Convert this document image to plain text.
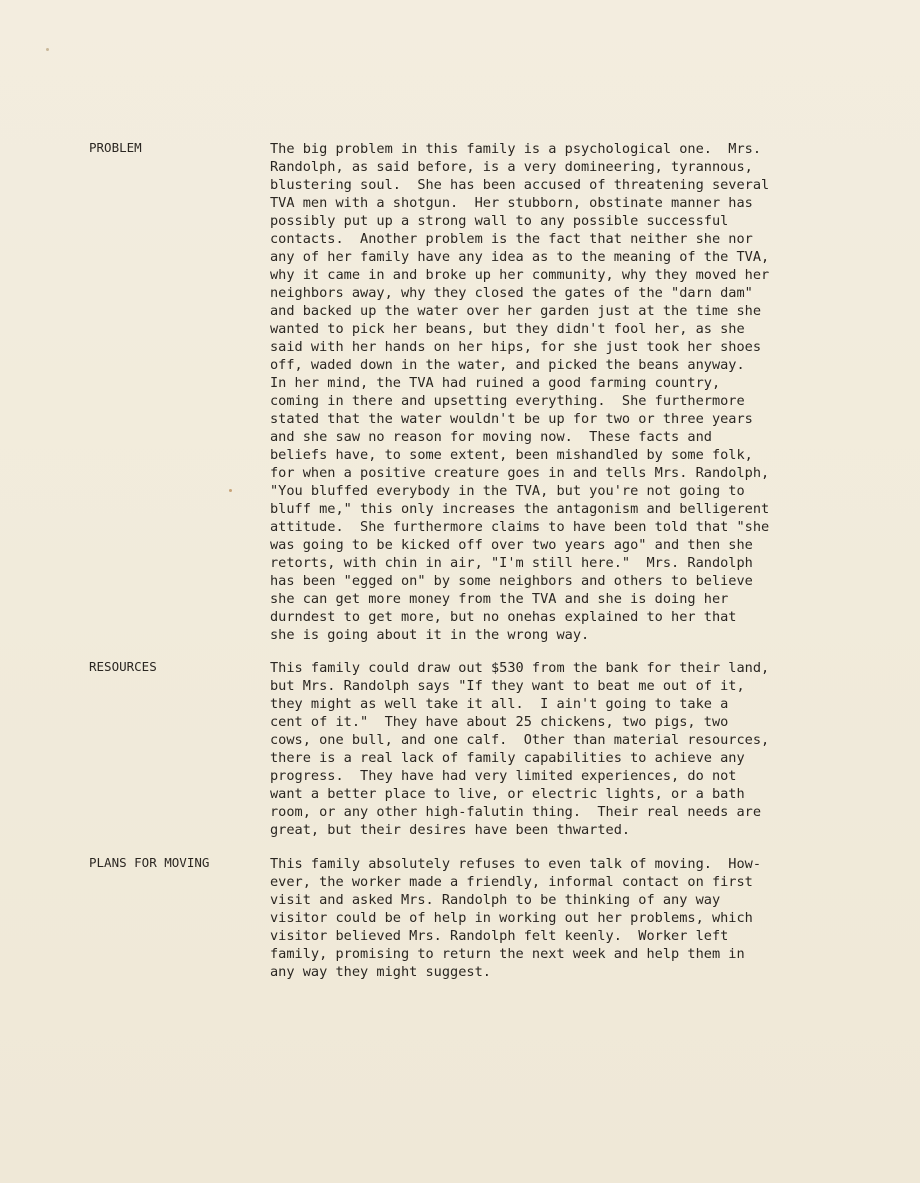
PROBLEM	The big problem in this family is a psychological one.  Mrs.
Randolph, as said before, is a very domineering, tyrannous,
blustering soul.  She has been accused of threatening several
TVA men with a shotgun.  Her stubborn, obstinate manner has
possibly put up a strong wall to any possible successful
contacts.  Another problem is the fact that neither she nor
any of her family have any idea as to the meaning of the TVA,
why it came in and broke up her community, why they moved her
neighbors away, why they closed the gates of the "darn dam"
and backed up the water over her garden just at the time she
wanted to pick her beans, but they didn't fool her, as she
said with her hands on her hips, for she just took her shoes
off, waded down in the water, and picked the beans anyway.
In her mind, the TVA had ruined a good farming country,
coming in there and upsetting everything.  She furthermore
stated that the water wouldn't be up for two or three years
and she saw no reason for moving now.  These facts and
beliefs have, to some extent, been mishandled by some folk,
for when a positive creature goes in and tells Mrs. Randolph,
"You bluffed everybody in the TVA, but you're not going to
bluff me," this only increases the antagonism and belligerent
attitude.  She furthermore claims to have been told that "she
was going to be kicked off over two years ago" and then she
retorts, with chin in air, "I'm still here."  Mrs. Randolph
has been "egged on" by some neighbors and others to believe
she can get more money from the TVA and she is doing her
durndest to get more, but no onehas explained to her that
she is going about it in the wrong way.
RESOURCES	This family could draw out $530 from the bank for their land,
but Mrs. Randolph says "If they want to beat me out of it,
they might as well take it all.  I ain't going to take a
cent of it."  They have about 25 chickens, two pigs, two
cows, one bull, and one calf.  Other than material resources,
there is a real lack of family capabilities to achieve any
progress.  They have had very limited experiences, do not
want a better place to live, or electric lights, or a bath
room, or any other high-falutin thing.  Their real needs are
great, but their desires have been thwarted.
PLANS FOR MOVING	This family absolutely refuses to even talk of moving.  How-
ever, the worker made a friendly, informal contact on first
visit and asked Mrs. Randolph to be thinking of any way
visitor could be of help in working out her problems, which
visitor believed Mrs. Randolph felt keenly.  Worker left
family, promising to return the next week and help them in
any way they might suggest.
